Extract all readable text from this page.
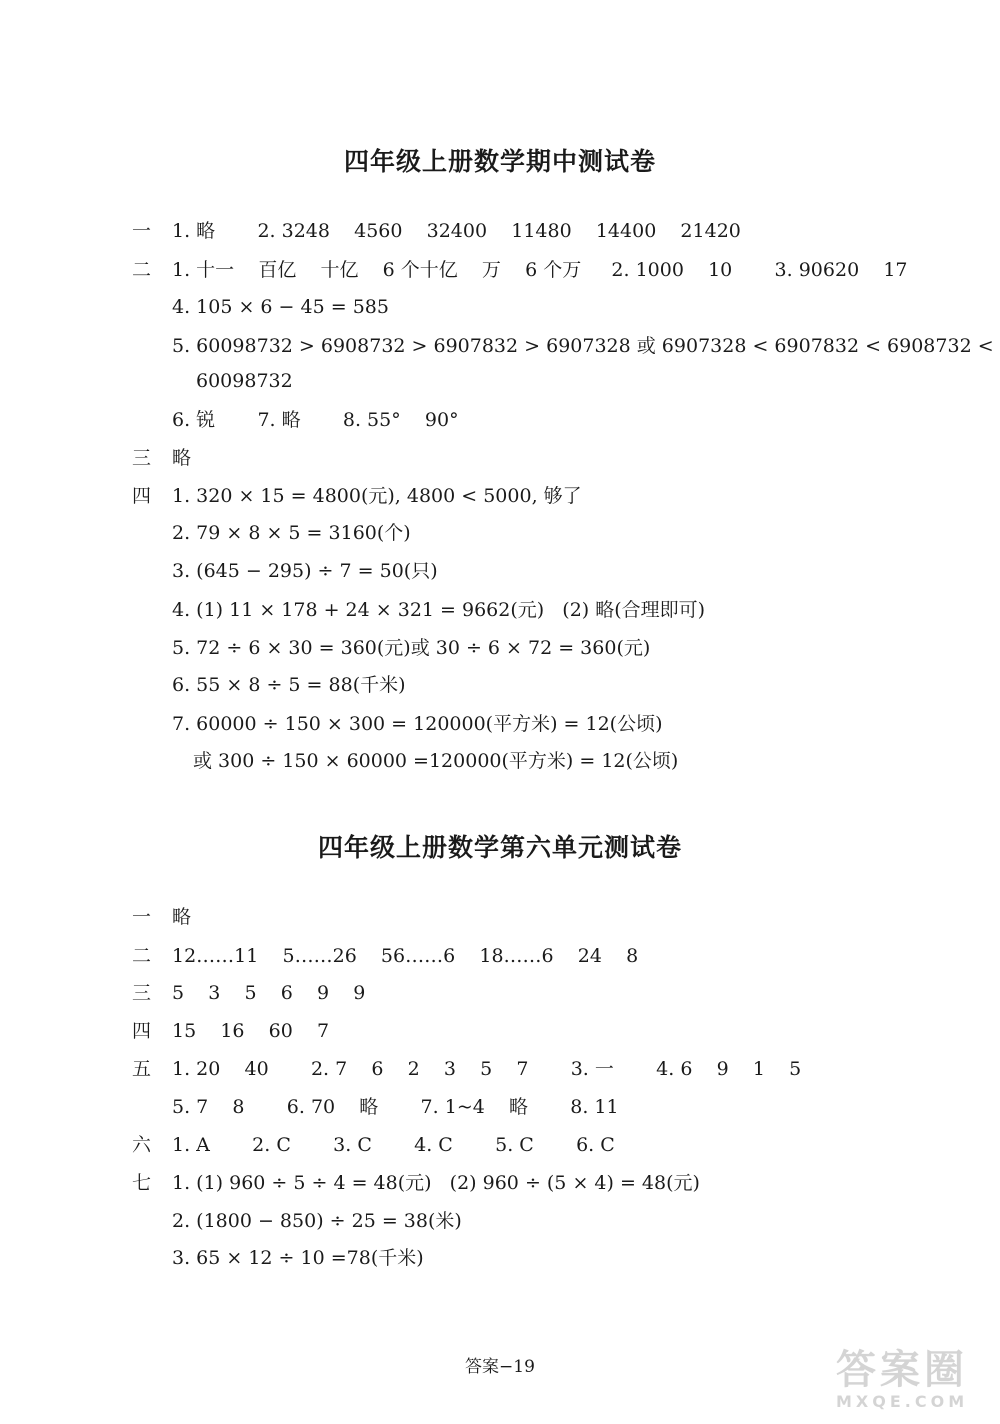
四年级上册数学期中测试卷
一 1. 略       2. 3248    4560    32400    11480    14400    21420
二 1. 十一    百亿    十亿    6 个十亿    万    6 个万     2. 1000    10       3. 90620    17
4. 105 × 6 − 45 = 585
5. 60098732 > 6908732 > 6907832 > 6907328 或 6907328 < 6907832 < 6908732 <
60098732
6. 锐       7. 略       8. 55°    90°
三 略
四 1. 320 × 15 = 4800(元), 4800 < 5000, 够了
2. 79 × 8 × 5 = 3160(个)
3. (645 − 295) ÷ 7 = 50(只)
4. (1) 11 × 178 + 24 × 321 = 9662(元)   (2) 略(合理即可)
5. 72 ÷ 6 × 30 = 360(元)或 30 ÷ 6 × 72 = 360(元)
6. 55 × 8 ÷ 5 = 88(千米)
7. 60000 ÷ 150 × 300 = 120000(平方米) = 12(公顷)
或 300 ÷ 150 × 60000 =120000(平方米) = 12(公顷)
四年级上册数学第六单元测试卷
一 略
二 12……11    5……26    56……6    18……6    24    8
三 5    3    5    6    9    9
四 15    16    60    7
五 1. 20    40       2. 7    6    2    3    5    7       3. 一       4. 6    9    1    5
5. 7    8       6. 70    略       7. 1~4    略       8. 11
六 1. A       2. C       3. C       4. C       5. C       6. C
七 1. (1) 960 ÷ 5 ÷ 4 = 48(元)   (2) 960 ÷ (5 × 4) = 48(元)
2. (1800 − 850) ÷ 25 = 38(米)
3. 65 × 12 ÷ 10 =78(千米)
答案−19	答案圈
MXQE.COM
